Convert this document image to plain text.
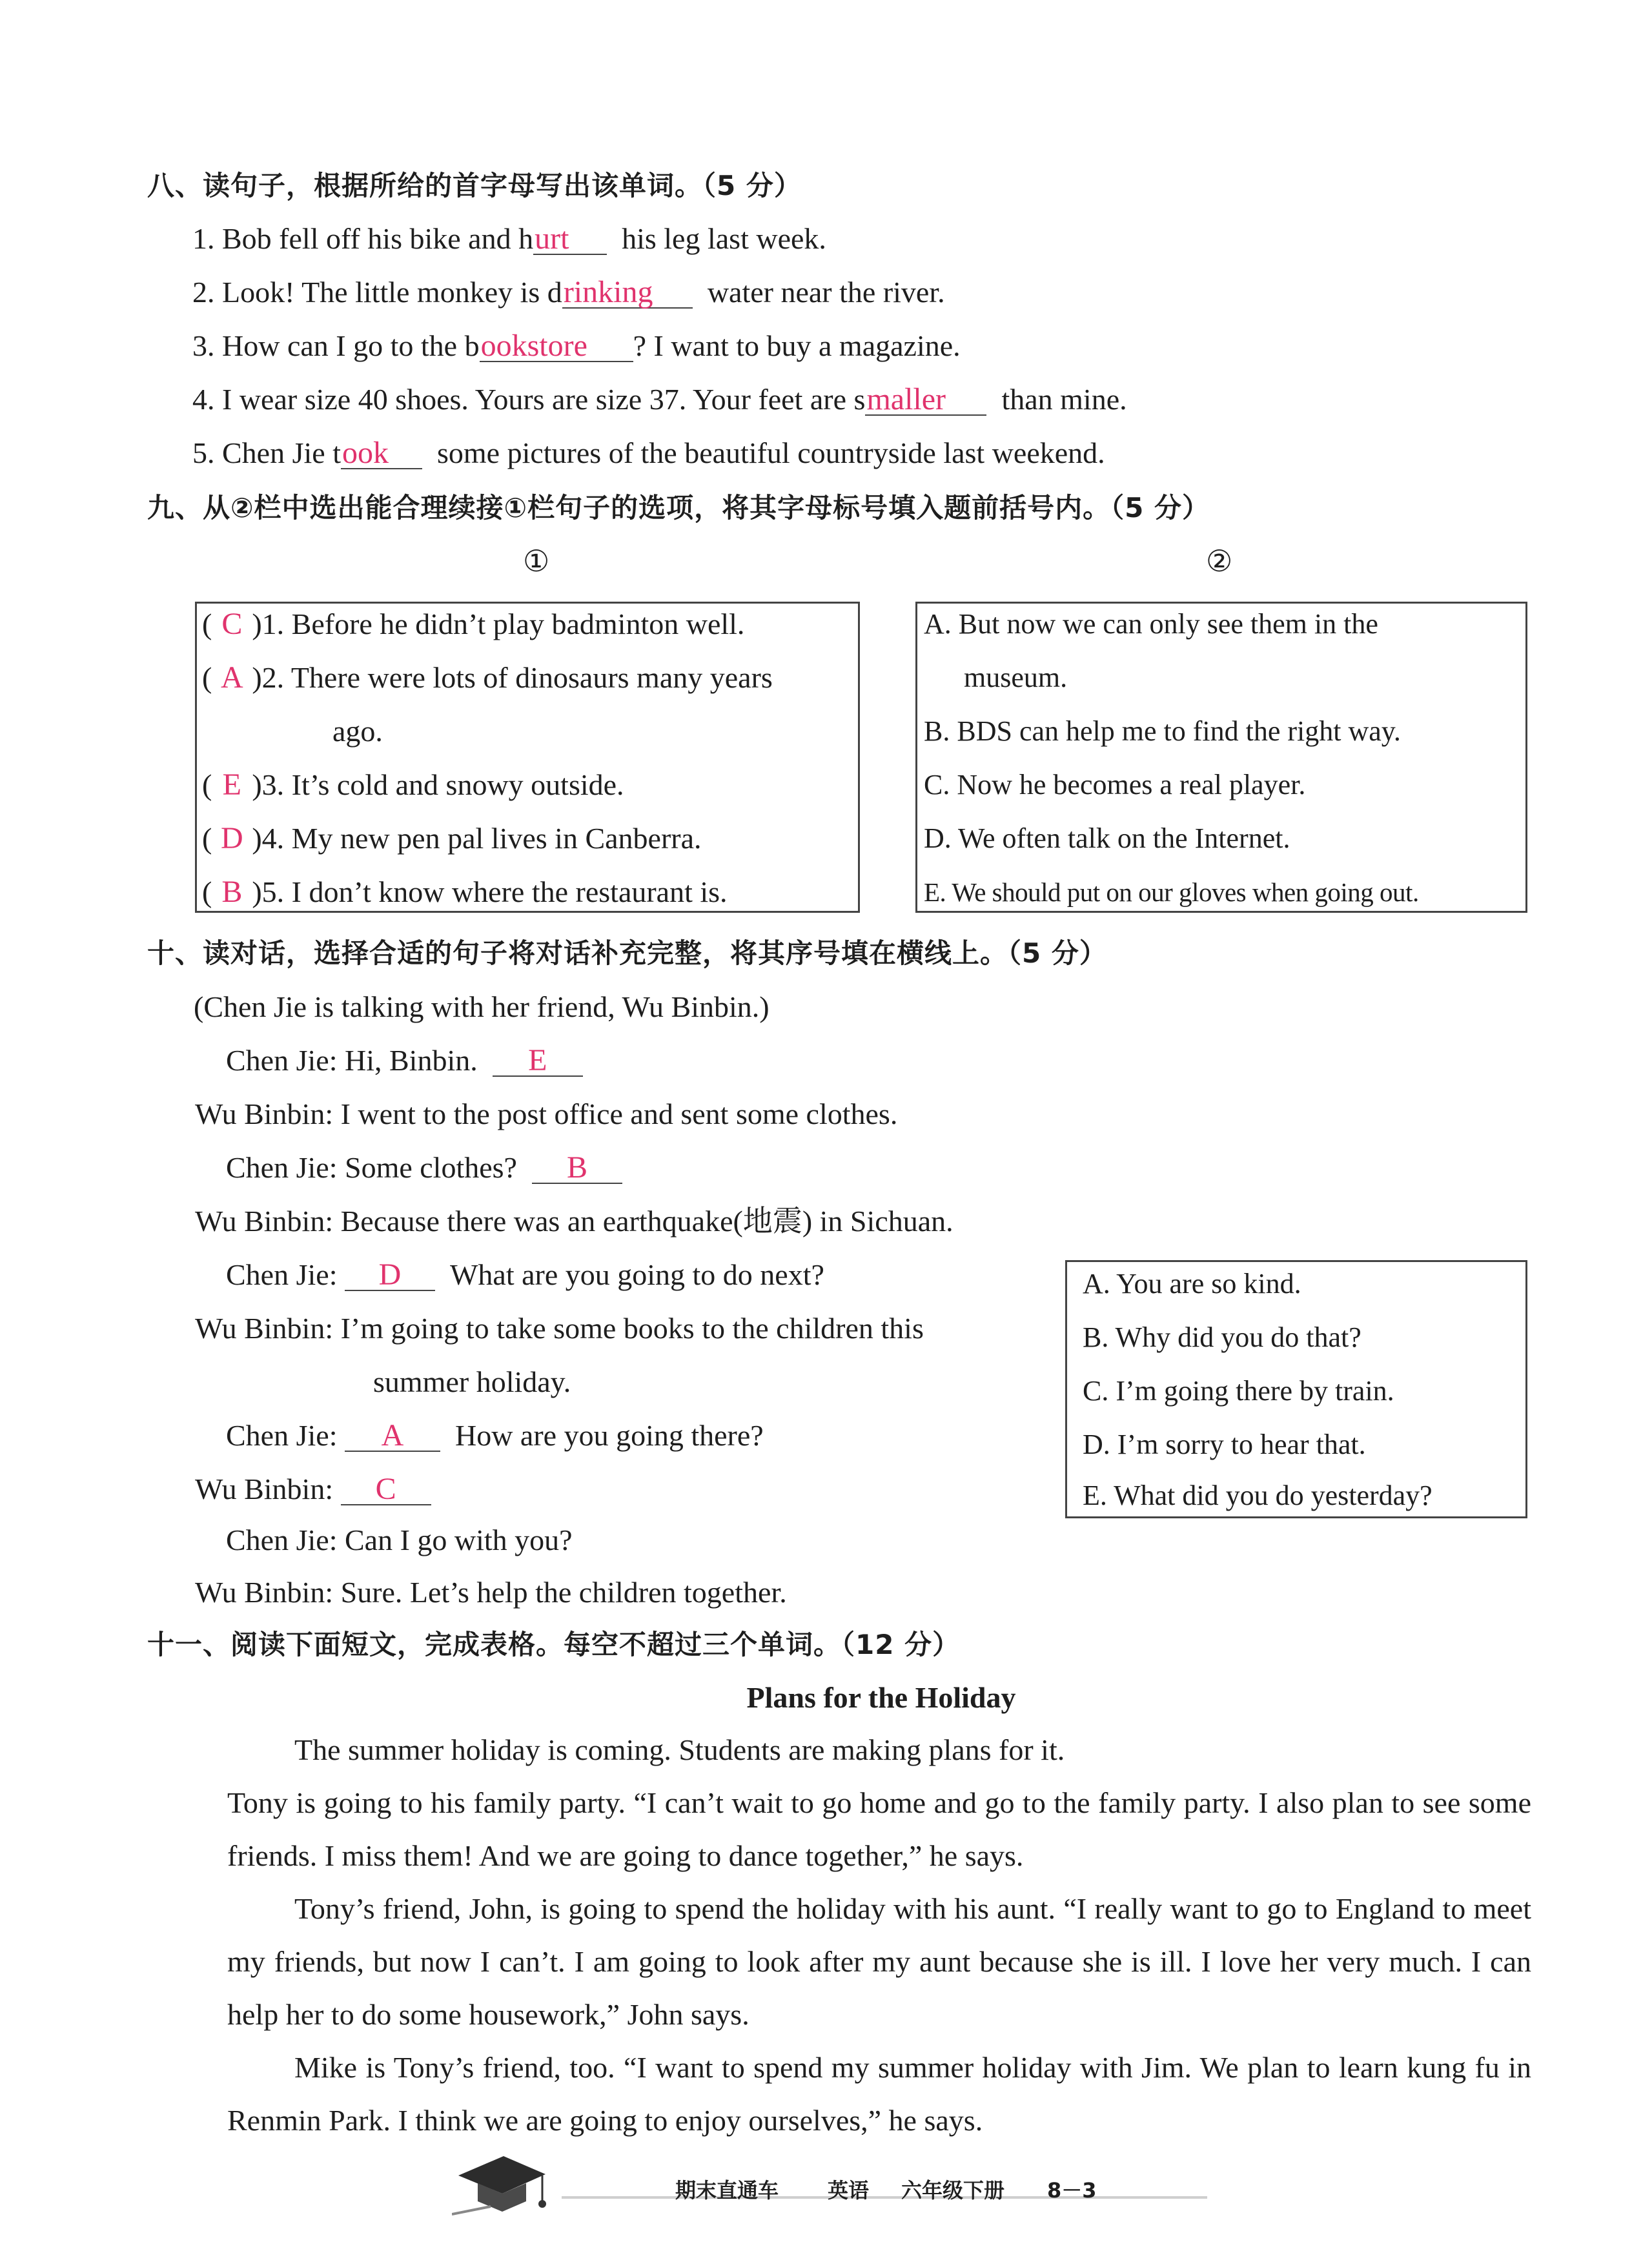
八、读句子，根据所给的首字母写出该单词。（5 分）
1. Bob fell off his bike and hurt his leg last week.
2. Look! The little monkey is drinking water near the river.
3. How can I go to the bookstore ? I want to buy a magazine.
4. I wear size 40 shoes. Yours are size 37. Your feet are smaller than mine.
5. Chen Jie took some pictures of the beautiful countryside last weekend.
九、从②栏中选出能合理续接①栏句子的选项，将其字母标号填入题前括号内。（5 分）
①	②
( C )1. Before he didn’t play badminton well.
( A )2. There were lots of dinosaurs many years
ago.
( E )3. It’s cold and snowy outside.
( D )4. My new pen pal lives in Canberra.
( B )5. I don’t know where the restaurant is.
A. But now we can only see them in the
museum.
B. BDS can help me to find the right way.
C. Now he becomes a real player.
D. We often talk on the Internet.
E. We should put on our gloves when going out.
十、读对话，选择合适的句子将对话补充完整，将其序号填在横线上。（5 分）
(Chen Jie is talking with her friend, Wu Binbin.)
Chen Jie: Hi, Binbin. E
Wu Binbin: I went to the post office and sent some clothes.
Chen Jie: Some clothes? B
Wu Binbin: Because there was an earthquake(地震) in Sichuan.
Chen Jie: D What are you going to do next?
Wu Binbin: I’m going to take some books to the children this
summer holiday.
Chen Jie: A How are you going there?
Wu Binbin: C
Chen Jie: Can I go with you?
Wu Binbin: Sure. Let’s help the children together.
A. You are so kind.
B. Why did you do that?
C. I’m going there by train.
D. I’m sorry to hear that.
E. What did you do yesterday?
十一、阅读下面短文，完成表格。每空不超过三个单词。（12 分）
Plans for the Holiday
The summer holiday is coming. Students are making plans for it.
Tony is going to his family party. “I can’t wait to go home and go to the family party. I also plan to see some friends. I miss them! And we are going to dance together,” he says.
Tony’s friend, John, is going to spend the holiday with his aunt. “I really want to go to England to meet my friends, but now I can’t. I am going to look after my aunt because she is ill. I love her very much. I can help her to do some housework,” John says.
Mike is Tony’s friend, too. “I want to spend my summer holiday with Jim. We plan to learn kung fu in Renmin Park. I think we are going to enjoy ourselves,” he says.
期末直通车 英语 六年级下册 8－3
